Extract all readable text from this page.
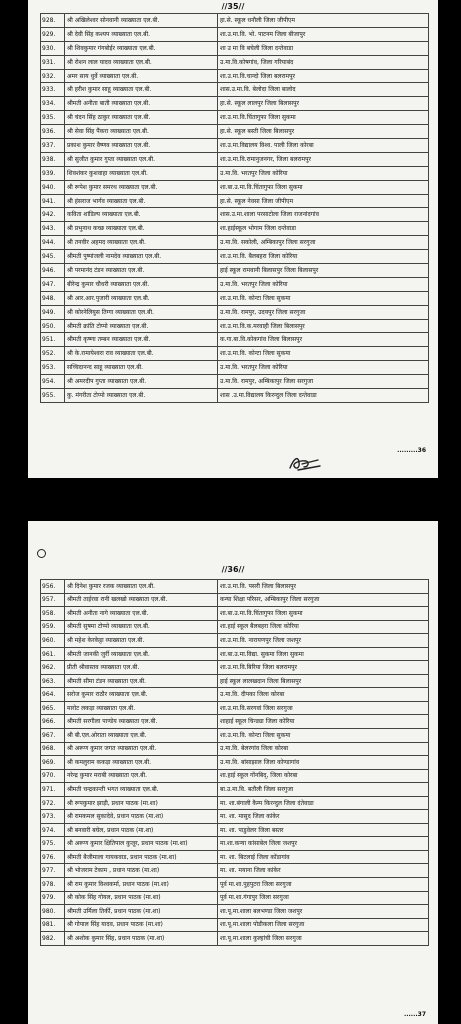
//35//
928.	श्री अखिलेश्वर सोनवानी व्याख्याता एल.बी.	हा.से. स्कूल धनौली जिला जीपीएम
929.	श्री देवी सिंह कश्यप व्याख्याता एल.बी.	शा.उ.मा.वि. भो. पाटनम जिला बीजापुर
930.	श्री शिवकुमार गंगबोईर व्याख्याता एल.बी.	शा उ मा वि बचेली जिला दन्तेवाडा
931.	श्री रोशन लाल यादव व्याख्याता एल.बी.	उ.मा.वि.कोषगांव, जिला गरियाबंद
932.	अमर साय धुर्वे व्याख्याता एल.बी.	शा.उ.मा.वि.चान्दो जिला बलरामपुर
933.	श्री हरीश कुमार साहू व्याख्याता एल.बी.	शास.उ.मा.वि. बेलोदा जिला बालोद
934.	श्रीमती अनीता बाती व्याख्याता एल.बी.	हा.से. स्कूल लालपुर जिला बिलासपुर
935.	श्री चंदन सिंह ठाकुर व्याख्याता एल.बी.	शा.उ.मा.वि.चिंतागुफा जिला सुकमा
936.	श्री सेवा सिंह पैंकरा व्याख्याता एल.बी.	हा.से. स्कूल बस्ती जिला बिलासपुर
937.	प्रकाश कुमार वैष्णव व्याख्याता एल.बी.	शा.उ.मा.विद्यालय विश्व. पाली जिला कोरबा
938.	श्री सुजीत कुमार गुप्ता व्याख्याता एल.बी.	शा.उ.मा.वि.रामानुजनगर, जिला बलरामपुर
939.	शिवशंकर कुशवाहा व्याख्याता एल.बी.	उ.मा.वि. भरतपुर जिला कोरिया
940.	श्री रूपेश कुमार समरथ व्याख्याता एल.बी.	शा.बा.उ.मा.वि.चिंतागुफा जिला सुकमा
941.	श्री हंसराज भार्गव व्याख्याता एल.बी.	हा.से. स्कूल नेवसा जिला जीपीएम
942.	कविता शांडिल्य व्याख्याता एल.बी.	शास.उ.मा.शाला परसाटोला जिला राजनांदगांव
943.	श्री प्रभुनाथ कच्छ व्याख्याता एल.बी.	शा.हाईस्कूल भोगाम जिला दन्तेवाडा
944.	श्री तनवीर अहमद व्याख्याता एल.बी.	उ.मा.वि. सकोली, अम्बिकापुर जिला सरगुजा
945.	श्रीमती पुष्पांजली नामदेव व्याख्याता एल.बी.	शा.उ.मा.वि. बैलबहरा जिला कोरिया
946.	श्री परमानंद टंडन व्याख्याता एल.बी.	हाई स्कूल रामवानी बिलासपुर जिला बिलासपुर
947.	बीरेन्द्र कुमार चौधरी व्याख्याता एल.बी.	उ.मा.वि. भरतपुर जिला कोरिया
948.	श्री आर.आर.पुजारी व्याख्याता एल.बी.	शा.उ.मा.वि. कोन्टा जिला सुकमा
949.	श्री कोरनेलियुस तिग्गा व्याख्याता एल.बी.	उ.मा.वि. रामपुर, उदयपुर जिला सरगुजा
950.	श्रीमती क्रांति टोप्पो व्याख्याता एल.बी.	शा.उ.मा.वि.क.मरवाही जिला बिलासपुर
951.	श्रीमती कृष्णा तम्बन व्याख्याता एल.बी.	क.गा.बा.वि.कोकगांव जिला बिलासपुर
952.	श्री के.रामायेश्वरा राव व्याख्याता एल.बी.	शा.उ.मा.वि. कोन्टा जिला सुकमा
953.	सच्चिदानन्द साहू व्याख्याता एल.बी.	उ.मा.वि. भरतपुर जिला कोरिया
954.	श्री अमरदीप गुप्ता व्याख्याता एल.बी.	उ.मा.वि. रामपुर, अम्बिकापुर जिला सरगुजा
955.	कु. मंगरीता टोप्पो व्याख्याता एल.बी.	शास .उ.मा.विद्यालय किरन्दुल जिला दन्तेवाडा
.........36
//36//
956.	श्री दिनेश कुमार रजक व्याख्याता एल.बी.	शा.उ.मा.वि. पसरी जिला बिलासपुर
957.	श्रीमती ताईरवा रानी खलखो व्याख्याता एल.बी.	कन्या शिक्षा परिसर, अम्बिकापुर जिला सरगुजा
958.	श्रीमती अनीता नागे व्याख्याता एल.बी.	शा.बा.उ.मा.वि.चिंतागुफा जिला सुकमा
959.	श्रीमती सुषमा टोप्पो व्याख्याता एल.बी.	शा.हाई स्कूल बैलबहरा जिला कोरिया
960.	श्री महेश केरकेट्टा व्याख्याता एल.बी.	शा.उ.मा.वि. नारायणपुर जिला जशपुर
961.	श्रीमती जानकी जुर्री व्याख्याता एल.बी.	शा.बा.उ.मा.विद्या. सुकमा जिला सुकमा
962.	प्रीती श्रीवास्तव व्याख्याता एल.बी.	शा.उ.मा.वि.बिरिया जिला बलरामपुर
963.	श्रीमती सीमा टंडन व्याख्याता एल.बी.	हाई स्कूल लालखदान जिला बिलासपुर
964.	सरोज कुमार राठौर व्याख्याता एल.बी.	उ.मा.वि. दीपका जिला कोरबा
965.	मारोट लकड़ा व्याख्याता एल.बी.	शा.उ.मा.वि.सरगवां जिला सरगुजा
966.	श्रीमती सरगीला पाण्डेय व्याख्याता एल.बी.	शाहाई स्कूल चिन्ड्या जिला कोरिया
967.	श्री बी.एल.ओराता व्याख्याता एल.बी.	शा.उ.मा.वि. कोन्टा जिला सुकमा
968.	श्री अरूण कुमार जगत व्याख्याता एल.बी.	उ.मा.वि. बेलरगांव जिला कोरबा
969.	श्री कमलुराम ककड़ा व्याख्याता एल.बी.	उ.मा.वि. बांसाझाल जिला कोण्डागांव
970.	नरेन्द्र कुमार मराबी व्याख्याता एल.बी.	शा.हाई स्कूल गोंनबिद्, जिला कोरबा
971.	श्रीमती चन्द्रकान्ती भगत व्याख्याता एल.बी.	बा.उ.मा.वि. बतौली जिला सरगुजा
972.	श्री रूपकुमार झाड़ी, प्रधान पाठक (मा.शा)	मा. शा.बंगाली कैम्प किरन्दुल जिला दंतेवाडा
973.	श्री रामकमल सुकादेवे, प्रधान पाठक (मा.शा)	मा. शा. मासुद जिला कांकेर
974.	श्री बनवारी बघेल, प्रधान पाठक (मा.शा)	मा. शा. पाडुवेलर जिला बस्तर
975.	श्री अरूण कुमार क्षितिपाल कुजूर, प्रधान पाठक (मा.शा)	मा.शा.कन्या कांसाबेल जिला जशपुर
976.	श्रीमती बैजीमाला गायकवाड, प्रधान पाठक (मा.शा)	मा. शा. बिटलाई जिला कोंडागांव
977.	श्री भोजराम टेकाम , प्रधान पाठक (मा.शा)	मा. शा. मयाना जिला कांकेर
978.	श्री राम कुमार विश्वकर्मा, प्रधान पाठक (मा.शा)	पूर्व मा.शा.पुहपुटरा जिला सरगुजा
979.	श्री कोक सिंह गोयल, प्रधान पाठक (मा.शा)	पूर्व मा.शा.गंगापुर जिला सरगुजा
980.	श्रीमती उर्मिला तिर्की, प्रधान पाठक (मा.शा)	शा.पू.मा.शाला बलभण्डा जिला जशपुर
981.	श्री गोपाल सिंह यादव, प्रधान पाठक (मा.शा)	शा.पू.मा.शाला पोडीकला जिला सरगुजा
982.	श्री अशोक कुमार सिंह, प्रधान पाठक (मा.शा)	शा.पू.मा.शाला कुल्हांची जिला सरगुजा
......37
